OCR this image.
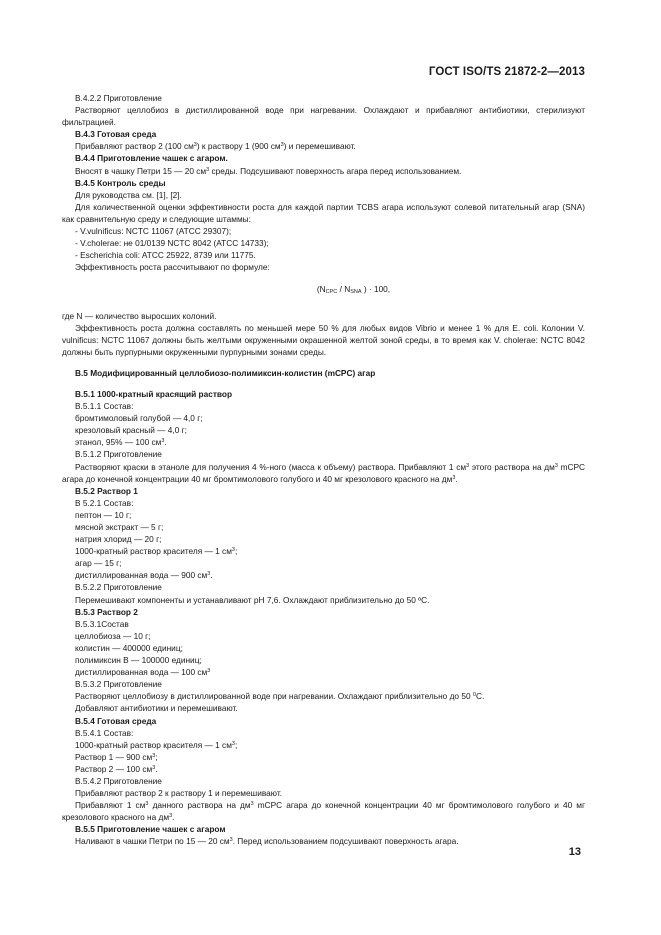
ГОСТ ISO/TS 21872-2—2013
B.4.2.2 Приготовление
Растворяют целлобиоз в дистиллированной воде при нагревании. Охлаждают и прибавляют антибиотики, стерилизуют фильтрацией.
B.4.3 Готовая среда
Прибавляют раствор 2 (100 $см^3$) к раствору 1 (900 $см^3$) и перемешивают.
B.4.4 Приготовление чашек с агаром.
Вносят в чашку Петри 15 — 20 $см^3$ среды. Подсушивают поверхность агара перед использованием.
B.4.5 Контроль среды
Для руководства см. [1], [2].
Для количественной оценки эффективности роста для каждой партии TCBS агара используют солевой питательный агар (SNA) как сравнительную среду и следующие штаммы:
- V.vulnificus: NCTC 11067 (ATCC 29307);
- V.cholerae: не 01/0139 NCTC 8042 (ATCC 14733);
- Escherichia coli: ATCC 25922, 8739 или 11775.
Эффективность роста рассчитывают по формуле:
($N_{CPC} / N_{SNA}$ ) · 100,
где N — количество выросших колоний.
Эффективность роста должна составлять по меньшей мере 50 % для любых видов Vibrio и менее 1 % для E. coli. Колонии V. vulnificus: NCTC 11067 должны быть желтыми окруженными окрашенной желтой зоной среды, в то время как V. cholerae: NCTC 8042 должны быть пурпурными окруженными пурпурными зонами среды.
B.5 Модифицированный целлобиозо-полимиксин-колистин (mCPC) агар
B.5.1 1000-кратный красящий раствор
B.5.1.1 Состав:
бромтимоловый голубой — 4,0 г;
крезоловый красный — 4,0 г;
этанол, 95% — 100 $см^3$.
B.5.1.2 Приготовление
Растворяют краски в этаноле для получения 4 %-ного (масса к объему) раствора. Прибавляют 1 $см^3$ этого раствора на $дм^3$ mCPC агара до конечной концентрации 40 мг бромтимолового голубого и 40 мг крезолового красного на $дм^3$.
B.5.2 Раствор 1
B 5.2.1 Состав:
пептон — 10 г;
мясной экстракт — 5 г;
натрия хлорид — 20 г;
1000-кратный раствор красителя — 1 $см^3$;
агар — 15 г;
дистиллированная вода — 900 $см^3$.
B.5.2.2 Приготовление
Перемешивают компоненты и устанавливают pH 7,6. Охлаждают приблизительно до 50 ºС.
B.5.3 Раствор 2
B.5.3.1Состав
целлобиоза — 10 г;
колистин — 400000 единиц;
полимиксин В — 100000 единиц;
дистиллированная вода — 100 $см^3$
B.5.3.2 Приготовление
Растворяют целлобиозу в дистиллированной воде при нагревании. Охлаждают приблизительно до 50 $^0$С.
Добавляют антибиотики и перемешивают.
B.5.4 Готовая среда
B.5.4.1 Состав:
1000-кратный раствор красителя — 1 $см^3$;
Раствор 1 — 900 $см^3$;
Раствор 2 — 100 $см^3$.
B.5.4.2 Приготовление
Прибавляют раствор 2 к раствору 1 и перемешивают.
Прибавляют 1 $см^3$ данного раствора на $дм^3$ mCPC агара до конечной концентрации 40 мг бромтимолового голубого и 40 мг крезолового красного на $дм^3$.
B.5.5 Приготовление чашек с агаром
Наливают в чашки Петри по 15 — 20 $см^3$. Перед использованием подсушивают поверхность агара.
13
